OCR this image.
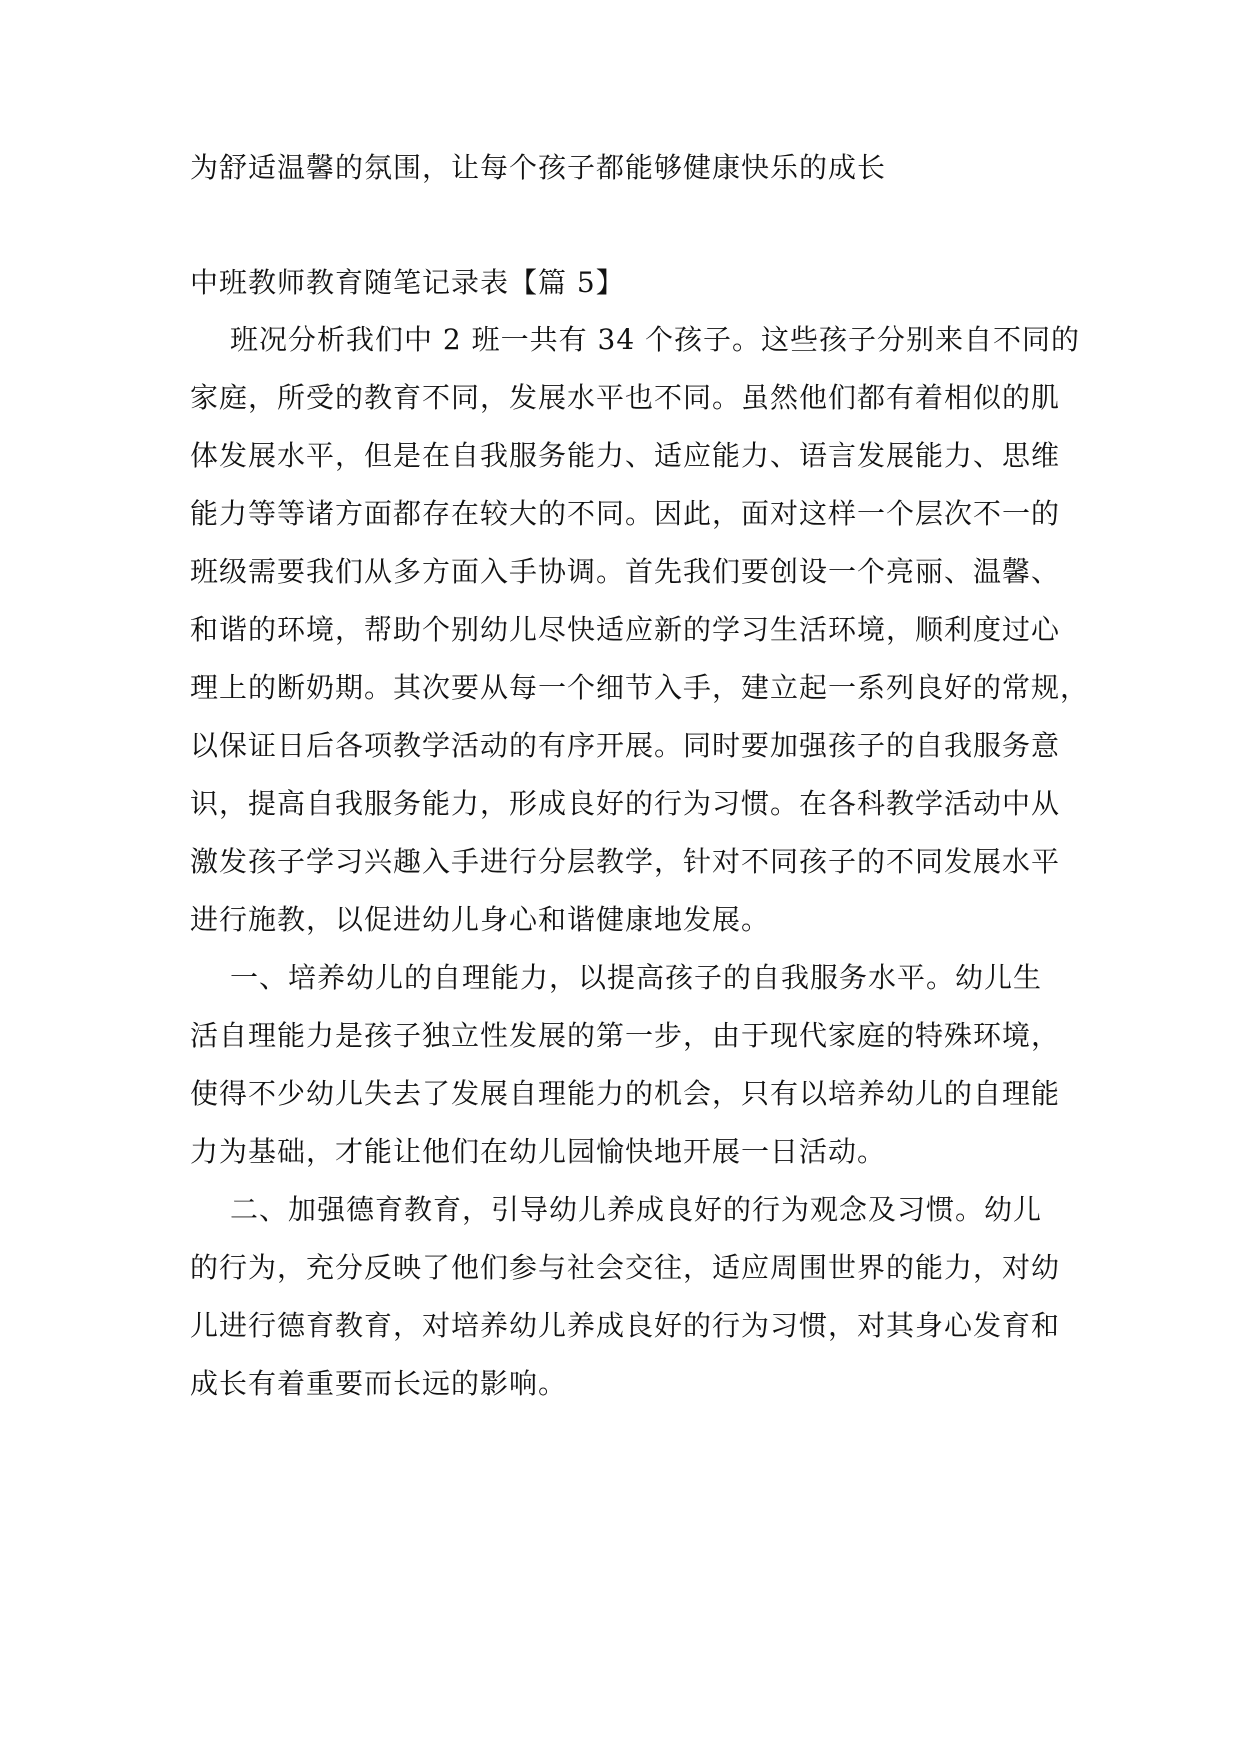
为舒适温馨的氛围，让每个孩子都能够健康快乐的成长
中班教师教育随笔记录表【篇 5】
班况分析我们中 2 班一共有 34 个孩子。这些孩子分别来自不同的
家庭，所受的教育不同，发展水平也不同。虽然他们都有着相似的肌
体发展水平，但是在自我服务能力、适应能力、语言发展能力、思维
能力等等诸方面都存在较大的不同。因此，面对这样一个层次不一的
班级需要我们从多方面入手协调。首先我们要创设一个亮丽、温馨、
和谐的环境，帮助个别幼儿尽快适应新的学习生活环境，顺利度过心
理上的断奶期。其次要从每一个细节入手，建立起一系列良好的常规，
以保证日后各项教学活动的有序开展。同时要加强孩子的自我服务意
识，提高自我服务能力，形成良好的行为习惯。在各科教学活动中从
激发孩子学习兴趣入手进行分层教学，针对不同孩子的不同发展水平
进行施教，以促进幼儿身心和谐健康地发展。
一、培养幼儿的自理能力，以提高孩子的自我服务水平。幼儿生
活自理能力是孩子独立性发展的第一步，由于现代家庭的特殊环境，
使得不少幼儿失去了发展自理能力的机会，只有以培养幼儿的自理能
力为基础，才能让他们在幼儿园愉快地开展一日活动。
二、加强德育教育，引导幼儿养成良好的行为观念及习惯。幼儿
的行为，充分反映了他们参与社会交往，适应周围世界的能力，对幼
儿进行德育教育，对培养幼儿养成良好的行为习惯，对其身心发育和
成长有着重要而长远的影响。
